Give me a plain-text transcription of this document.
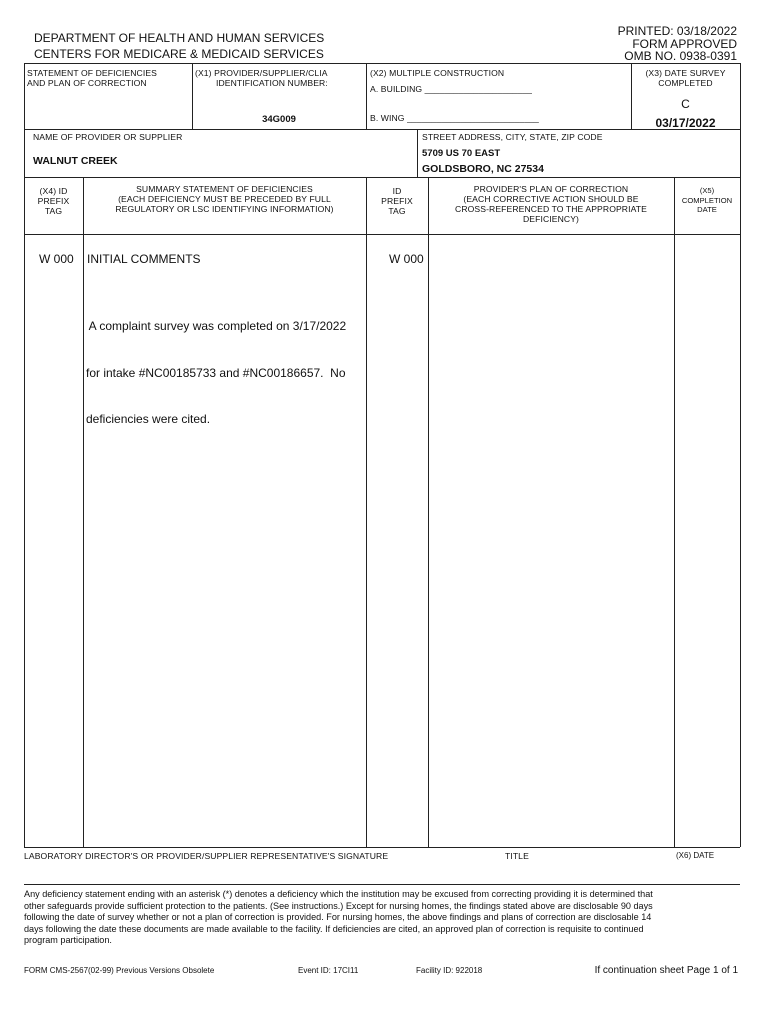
DEPARTMENT OF HEALTH AND HUMAN SERVICES
CENTERS FOR MEDICARE & MEDICAID SERVICES
PRINTED: 03/18/2022
FORM APPROVED
OMB NO. 0938-0391
STATEMENT OF DEFICIENCIES
AND PLAN OF CORRECTION
(X1) PROVIDER/SUPPLIER/CLIA
IDENTIFICATION NUMBER:
34G009
(X2) MULTIPLE CONSTRUCTION
A. BUILDING ______________________
B. WING ___________________________
(X3) DATE SURVEY
COMPLETED
C
03/17/2022
NAME OF PROVIDER OR SUPPLIER
WALNUT CREEK
STREET ADDRESS, CITY, STATE, ZIP CODE
5709 US 70 EAST
GOLDSBORO, NC 27534
(X4) ID
PREFIX
TAG
SUMMARY STATEMENT OF DEFICIENCIES
(EACH DEFICIENCY MUST BE PRECEDED BY FULL
REGULATORY OR LSC IDENTIFYING INFORMATION)
ID
PREFIX
TAG
PROVIDER'S PLAN OF CORRECTION
(EACH CORRECTIVE ACTION SHOULD BE
CROSS-REFERENCED TO THE APPROPRIATE
DEFICIENCY)
(X5)
COMPLETION
DATE
W 000 INITIAL COMMENTS	W 000

A complaint survey was completed on 3/17/2022

for intake #NC00185733 and #NC00186657.  No

deficiencies were cited.

LABORATORY DIRECTOR'S OR PROVIDER/SUPPLIER REPRESENTATIVE'S SIGNATURE	TITLE	(X6) DATE
Any deficiency statement ending with an asterisk (*) denotes a deficiency which the institution may be excused from correcting providing it is determined that
other safeguards provide sufficient protection to the patients. (See instructions.) Except for nursing homes, the findings stated above are disclosable 90 days
following the date of survey whether or not a plan of correction is provided. For nursing homes, the above findings and plans of correction are disclosable 14
days following the date these documents are made available to the facility. If deficiencies are cited, an approved plan of correction is requisite to continued
program participation.
FORM CMS-2567(02-99) Previous Versions Obsolete	Event ID: 17CI11	Facility ID: 922018	If continuation sheet Page 1 of 1
